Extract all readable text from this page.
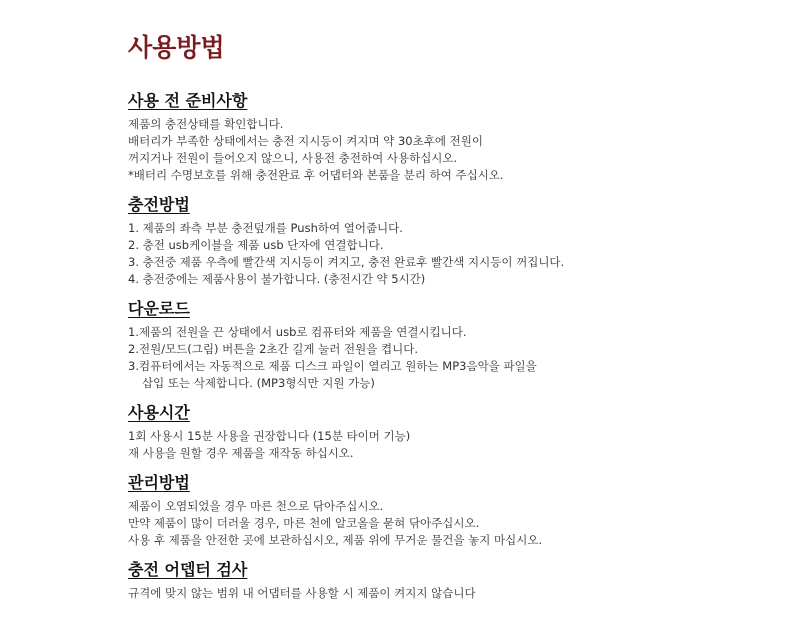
사용방법
사용 전 준비사항
제품의 충전상태를 확인합니다.
배터리가 부족한 상태에서는 충전 지시등이 켜지며 약 30초후에 전원이
꺼지거나 전원이 들어오지 않으니, 사용전 충전하여 사용하십시오.
*배터리 수명보호를 위해 충전완료 후 어댑터와 본품을 분리 하여 주십시오.
충전방법
1. 제품의 좌측 부분 충전덮개를 Push하여 열어줍니다.
2. 충전 usb케이블을 제품 usb 단자에 연결합니다.
3. 충전중 제품 우측에 빨간색 지시등이 켜지고, 충전 완료후 빨간색 지시등이 꺼집니다.
4. 충전중에는 제품사용이 불가합니다. (충전시간 약 5시간)
다운로드
1.제품의 전원을 끈 상태에서 usb로 컴퓨터와 제품을 연결시킵니다.
2.전원/모드(그림) 버튼을 2초간 길게 눌러 전원을 켭니다.
3.컴퓨터에서는 자동적으로 제품 디스크 파일이 열리고 원하는 MP3음악을 파일을
삽입 또는 삭제합니다. (MP3형식만 지원 가능)
사용시간
1회 사용시 15분 사용을 권장합니다 (15분 타이머 기능)
재 사용을 원할 경우 제품을 재작동 하십시오.
관리방법
제품이 오염되었을 경우 마른 천으로 닦아주십시오.
만약 제품이 많이 더러울 경우, 마른 천에 알코올을 묻혀 닦아주십시오.
사용 후 제품을 안전한 곳에 보관하십시오, 제품 위에 무거운 물건을 놓지 마십시오.
충전 어뎁터 검사
규격에 맞지 않는 범위 내 어댑터를 사용할 시 제품이 켜지지 않습니다
